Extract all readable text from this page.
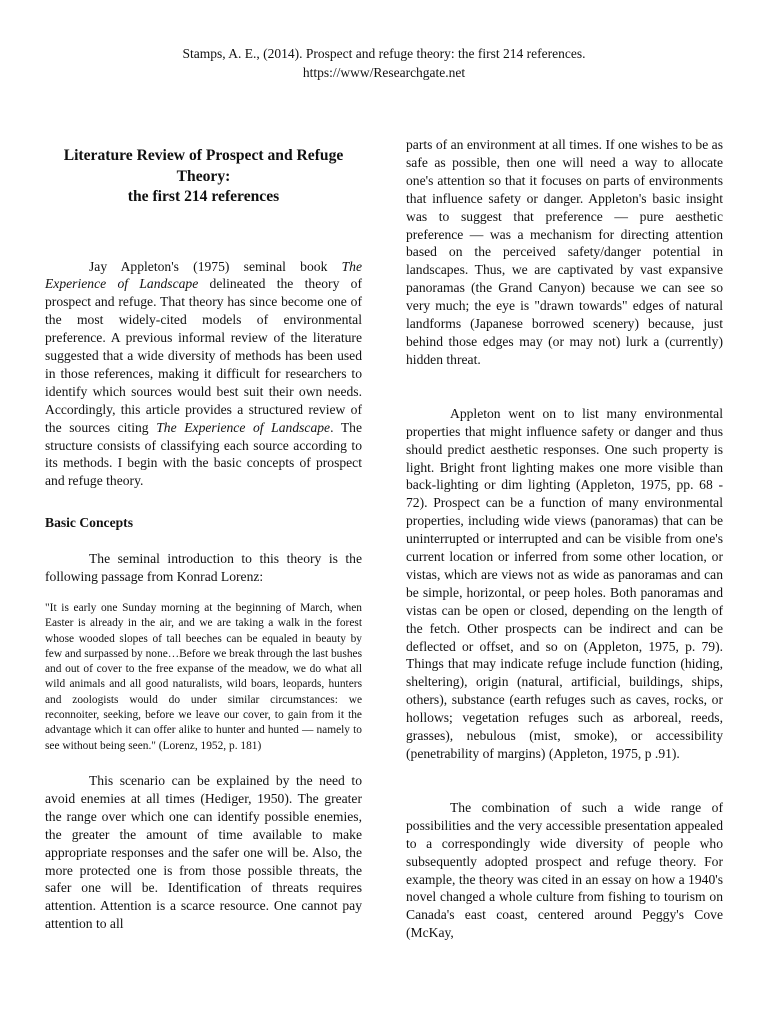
Stamps, A. E., (2014). Prospect and refuge theory: the first 214 references.
https://www/Researchgate.net
Literature Review of Prospect and Refuge
Theory:
the first 214 references

Jay Appleton's (1975) seminal book The Experience of Landscape delineated the theory of prospect and refuge. That theory has since become one of the most widely-cited models of environmental preference. A previous informal review of the literature suggested that a wide diversity of methods has been used in those references, making it difficult for researchers to identify which sources would best suit their own needs. Accordingly, this article provides a structured review of the sources citing The Experience of Landscape. The structure consists of classifying each source according to its methods. I begin with the basic concepts of prospect and refuge theory.

Basic Concepts

The seminal introduction to this theory is the following passage from Konrad Lorenz:

"It is early one Sunday morning at the beginning of March, when Easter is already in the air, and we are taking a walk in the forest whose wooded slopes of tall beeches can be equaled in beauty by few and surpassed by none…Before we break through the last bushes and out of cover to the free expanse of the meadow, we do what all wild animals and all good naturalists, wild boars, leopards, hunters and zoologists would do under similar circumstances: we reconnoiter, seeking, before we leave our cover, to gain from it the advantage which it can offer alike to hunter and hunted — namely to see without being seen." (Lorenz, 1952, p. 181)

This scenario can be explained by the need to avoid enemies at all times (Hediger, 1950). The greater the range over which one can identify possible enemies, the greater the amount of time available to make appropriate responses and the safer one will be. Also, the more protected one is from those possible threats, the safer one will be. Identification of threats requires attention. Attention is a scarce resource. One cannot pay attention to all

parts of an environment at all times. If one wishes to be as safe as possible, then one will need a way to allocate one's attention so that it focuses on parts of environments that influence safety or danger. Appleton's basic insight was to suggest that preference — pure aesthetic preference — was a mechanism for directing attention based on the perceived safety/danger potential in landscapes. Thus, we are captivated by vast expansive panoramas (the Grand Canyon) because we can see so very much; the eye is "drawn towards" edges of natural landforms (Japanese borrowed scenery) because, just behind those edges may (or may not) lurk a (currently) hidden threat.

Appleton went on to list many environmental properties that might influence safety or danger and thus should predict aesthetic responses. One such property is light. Bright front lighting makes one more visible than back-lighting or dim lighting (Appleton, 1975, pp. 68 - 72). Prospect can be a function of many environmental properties, including wide views (panoramas) that can be uninterrupted or interrupted and can be visible from one's current location or inferred from some other location, or vistas, which are views not as wide as panoramas and can be simple, horizontal, or peep holes. Both panoramas and vistas can be open or closed, depending on the length of the fetch. Other prospects can be indirect and can be deflected or offset, and so on (Appleton, 1975, p. 79). Things that may indicate refuge include function (hiding, sheltering), origin (natural, artificial, buildings, ships, others), substance (earth refuges such as caves, rocks, or hollows; vegetation refuges such as arboreal, reeds, grasses), nebulous (mist, smoke), or accessibility (penetrability of margins) (Appleton, 1975, p .91).

The combination of such a wide range of possibilities and the very accessible presentation appealed to a correspondingly wide diversity of people who subsequently adopted prospect and refuge theory. For example, the theory was cited in an essay on how a 1940's novel changed a whole culture from fishing to tourism on Canada's east coast, centered around Peggy's Cove (McKay,
